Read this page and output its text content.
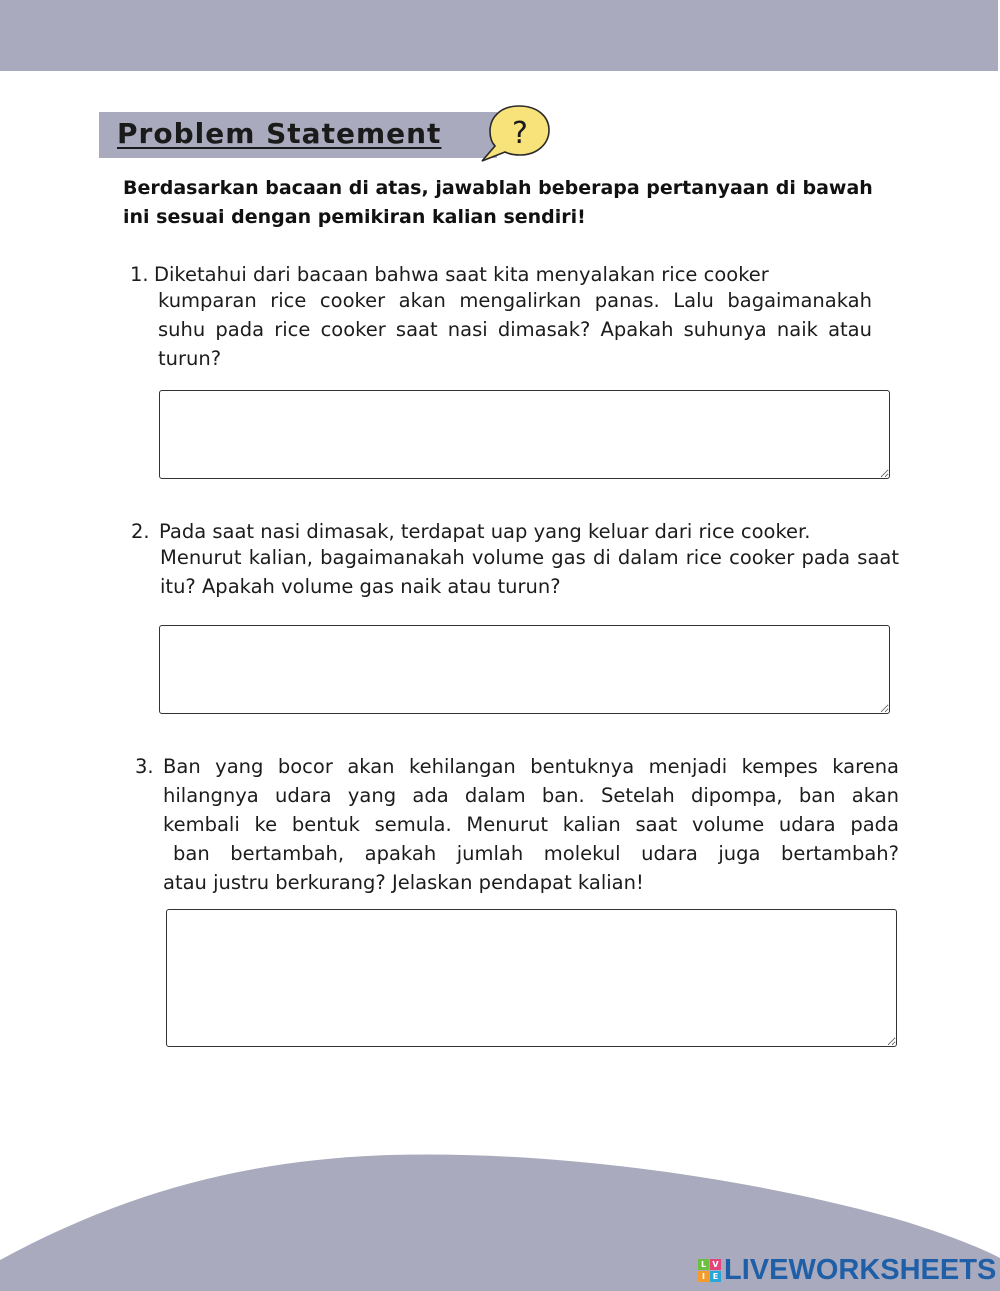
Problem Statement ?
Berdasarkan bacaan di atas, jawablah beberapa pertanyaan di bawah ini sesuai dengan pemikiran kalian sendiri!
1. Diketahui dari bacaan bahwa saat kita menyalakan rice cooker
kumparan rice cooker akan mengalirkan panas. Lalu bagaimanakah suhu pada rice cooker saat nasi dimasak? Apakah suhunya naik atau turun?
2. Pada saat nasi dimasak, terdapat uap yang keluar dari rice cooker.
Menurut kalian, bagaimanakah volume gas di dalam rice cooker pada saat itu? Apakah volume gas naik atau turun?
3. Ban yang bocor akan kehilangan bentuknya menjadi kempes karena
hilangnya udara yang ada dalam ban. Setelah dipompa, ban akan
kembali ke bentuk semula. Menurut kalian saat volume udara pada
ban bertambah, apakah jumlah molekul udara juga bertambah?
atau justru berkurang? Jelaskan pendapat kalian!
L
I
V
E LIVEWORKSHEETS
